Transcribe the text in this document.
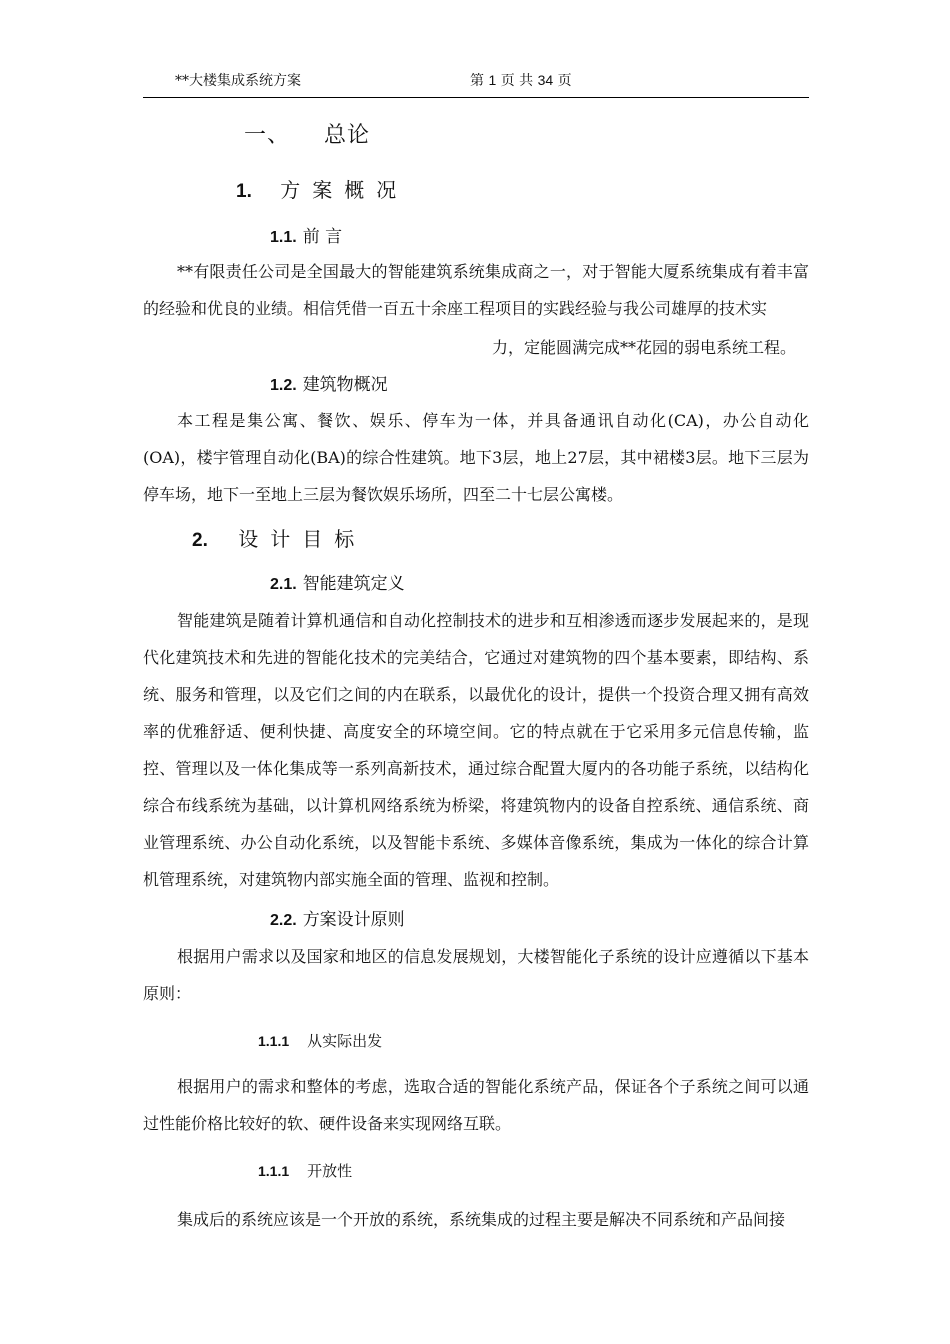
**大楼集成系统方案	第 1 页 共 34 页
一、 总论
1. 方案概况
1.1. 前 言
**有限责任公司是全国最大的智能建筑系统集成商之一，对于智能大厦系统集成有着丰富的经验和优良的业绩。相信凭借一百五十余座工程项目的实践经验与我公司雄厚的技术实
力，定能圆满完成**花园的弱电系统工程。
1.2. 建筑物概况
本工程是集公寓、餐饮、娱乐、停车为一体，并具备通讯自动化(CA)，办公自动化(OA)，楼宇管理自动化(BA)的综合性建筑。地下3层，地上27层，其中裙楼3层。地下三层为停车场，地下一至地上三层为餐饮娱乐场所，四至二十七层公寓楼。
2. 设计目标
2.1. 智能建筑定义
智能建筑是随着计算机通信和自动化控制技术的进步和互相渗透而逐步发展起来的，是现代化建筑技术和先进的智能化技术的完美结合，它通过对建筑物的四个基本要素，即结构、系统、服务和管理，以及它们之间的内在联系，以最优化的设计，提供一个投资合理又拥有高效率的优雅舒适、便利快捷、高度安全的环境空间。它的特点就在于它采用多元信息传输，监控、管理以及一体化集成等一系列高新技术，通过综合配置大厦内的各功能子系统，以结构化综合布线系统为基础，以计算机网络系统为桥梁，将建筑物内的设备自控系统、通信系统、商业管理系统、办公自动化系统，以及智能卡系统、多媒体音像系统，集成为一体化的综合计算机管理系统，对建筑物内部实施全面的管理、监视和控制。
2.2. 方案设计原则
根据用户需求以及国家和地区的信息发展规划，大楼智能化子系统的设计应遵循以下基本原则：
1.1.1 从实际出发
根据用户的需求和整体的考虑，选取合适的智能化系统产品，保证各个子系统之间可以通过性能价格比较好的软、硬件设备来实现网络互联。
1.1.1 开放性
集成后的系统应该是一个开放的系统，系统集成的过程主要是解决不同系统和产品间接
